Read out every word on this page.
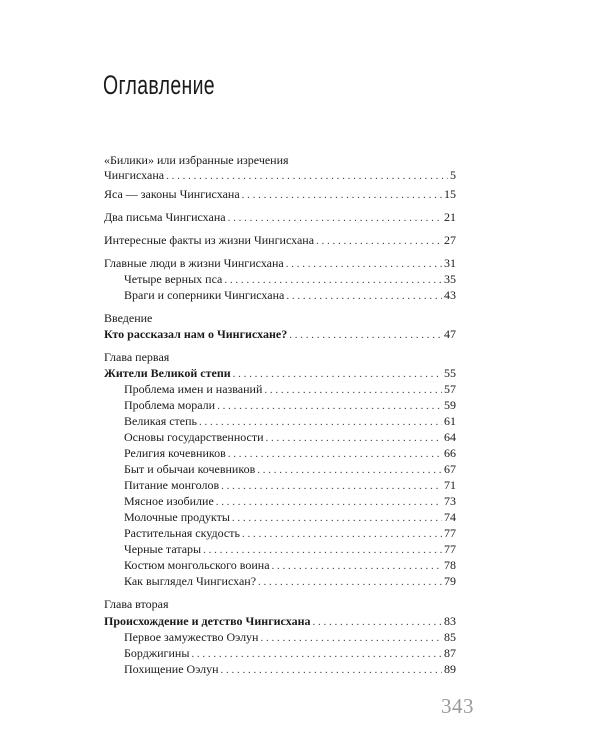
Оглавление
«Билики» или избранные изречения
Чингисхана . . .	5
Яса — законы Чингисхана . . .	15
Два письма Чингисхана . . .	21
Интересные факты из жизни Чингисхана . . .	27
Главные люди в жизни Чингисхана . . .	31
Четыре верных пса . . .	35
Враги и соперники Чингисхана . . .	43
Введение
Кто рассказал нам о Чингисхане? . . .	47
Глава первая
Жители Великой степи . . .	55
Проблема имен и названий . . .	57
Проблема морали . . .	59
Великая степь . . .	61
Основы государственности . . .	64
Религия кочевников . . .	66
Быт и обычаи кочевников . . .	67
Питание монголов . . .	71
Мясное изобилие . . .	73
Молочные продукты . . .	74
Растительная скудость . . .	77
Черные татары . . .	77
Костюм монгольского воина . . .	78
Как выглядел Чингисхан? . . .	79
Глава вторая
Происхождение и детство Чингисхана . . .	83
Первое замужество Оэлун . . .	85
Борджигины . . .	87
Похищение Оэлун . . .	89
343
